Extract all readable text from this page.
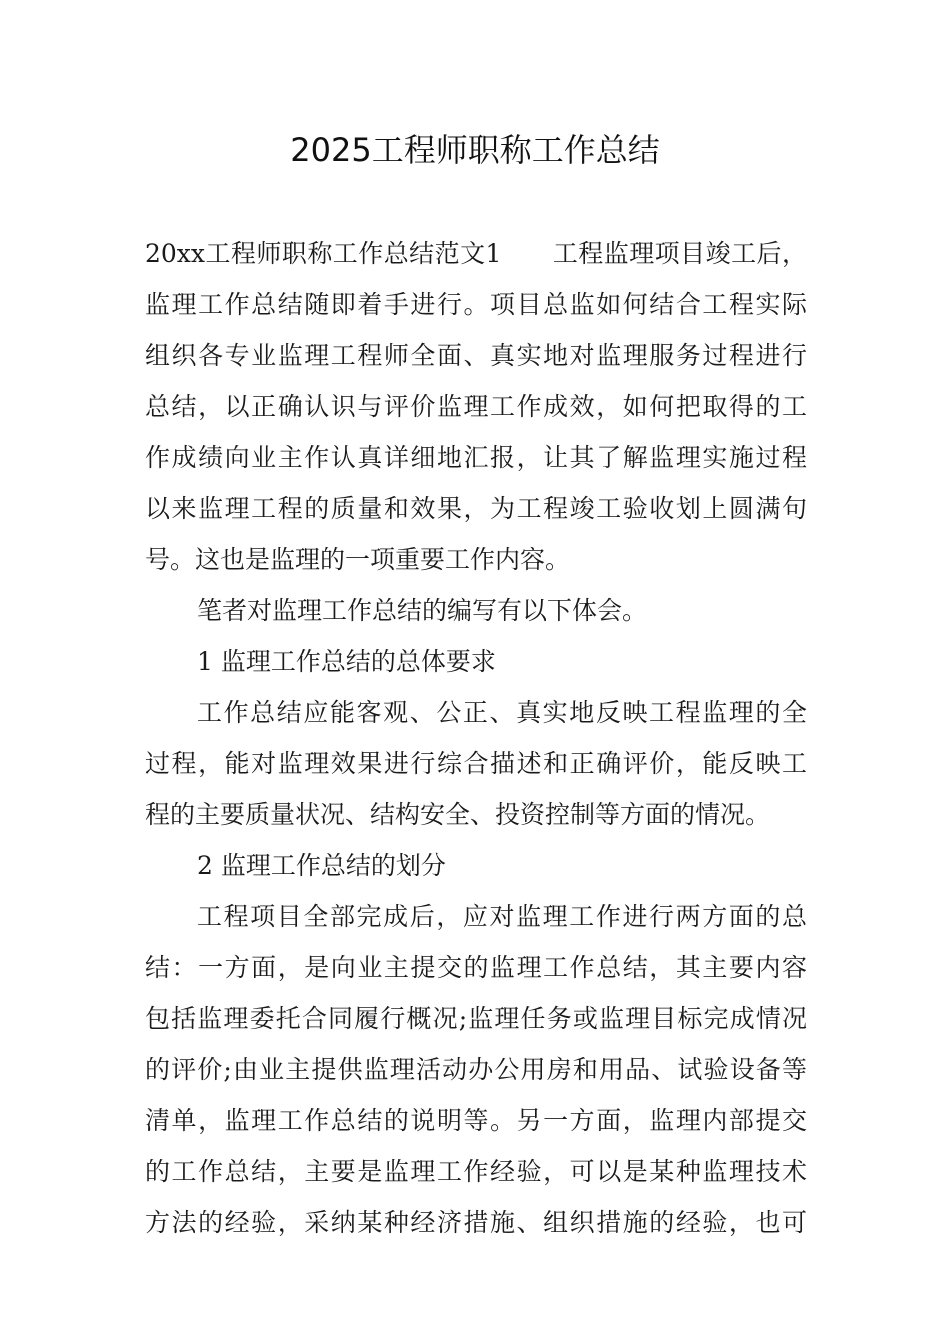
2025工程师职称工作总结
20xx工程师职称工作总结范文1　　工程监理项目竣工后，
监理工作总结随即着手进行。项目总监如何结合工程实际
组织各专业监理工程师全面、真实地对监理服务过程进行
总结，以正确认识与评价监理工作成效，如何把取得的工
作成绩向业主作认真详细地汇报，让其了解监理实施过程
以来监理工程的质量和效果，为工程竣工验收划上圆满句
号。这也是监理的一项重要工作内容。
笔者对监理工作总结的编写有以下体会。
1 监理工作总结的总体要求
工作总结应能客观、公正、真实地反映工程监理的全
过程，能对监理效果进行综合描述和正确评价，能反映工
程的主要质量状况、结构安全、投资控制等方面的情况。
2 监理工作总结的划分
工程项目全部完成后，应对监理工作进行两方面的总
结：一方面，是向业主提交的监理工作总结，其主要内容
包括监理委托合同履行概况;监理任务或监理目标完成情况
的评价;由业主提供监理活动办公用房和用品、试验设备等
清单，监理工作总结的说明等。另一方面，监理内部提交
的工作总结，主要是监理工作经验，可以是某种监理技术
方法的经验，采纳某种经济措施、组织措施的经验，也可
